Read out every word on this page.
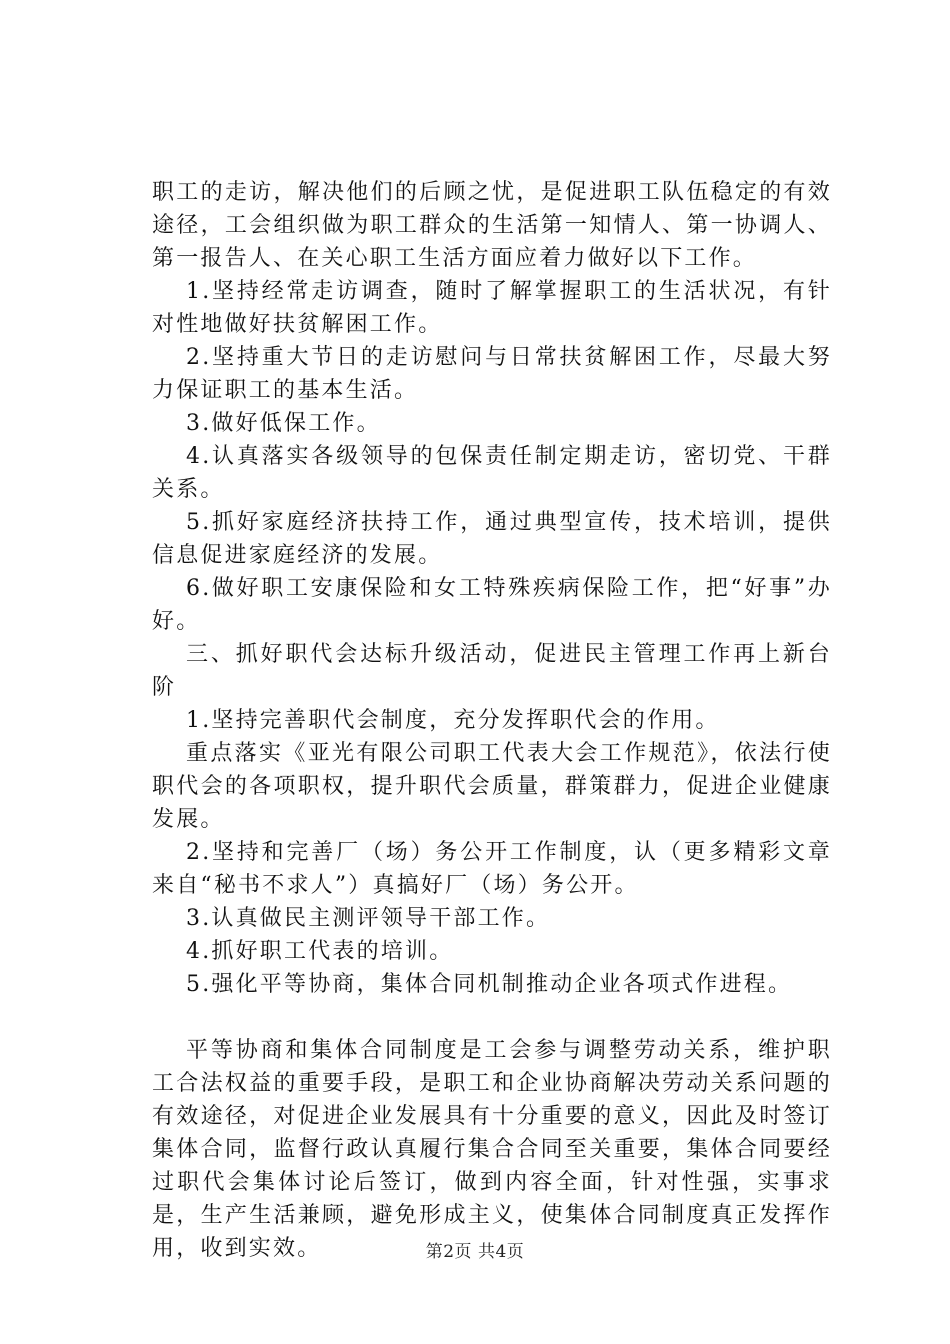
职工的走访，解决他们的后顾之忧，是促进职工队伍稳定的有效途径，工会组织做为职工群众的生活第一知情人、第一协调人、第一报告人、在关心职工生活方面应着力做好以下工作。

1.坚持经常走访调查，随时了解掌握职工的生活状况，有针对性地做好扶贫解困工作。

2.坚持重大节日的走访慰问与日常扶贫解困工作，尽最大努力保证职工的基本生活。

3.做好低保工作。

4.认真落实各级领导的包保责任制定期走访，密切党、干群关系。

5.抓好家庭经济扶持工作，通过典型宣传，技术培训，提供信息促进家庭经济的发展。

6.做好职工安康保险和女工特殊疾病保险工作，把“好事”办好。

三、抓好职代会达标升级活动，促进民主管理工作再上新台阶

1.坚持完善职代会制度，充分发挥职代会的作用。

重点落实《亚光有限公司职工代表大会工作规范》，依法行使职代会的各项职权，提升职代会质量，群策群力，促进企业健康发展。

2.坚持和完善厂（场）务公开工作制度，认（更多精彩文章来自“秘书不求人”）真搞好厂（场）务公开。

3.认真做民主测评领导干部工作。

4.抓好职工代表的培训。

5.强化平等协商，集体合同机制推动企业各项式作进程。

平等协商和集体合同制度是工会参与调整劳动关系，维护职工合法权益的重要手段，是职工和企业协商解决劳动关系问题的有效途径，对促进企业发展具有十分重要的意义，因此及时签订集体合同，监督行政认真履行集合合同至关重要，集体合同要经过职代会集体讨论后签订，做到内容全面，针对性强，实事求是，生产生活兼顾，避免形成主义，使集体合同制度真正发挥作用，收到实效。	第2页 共4页
